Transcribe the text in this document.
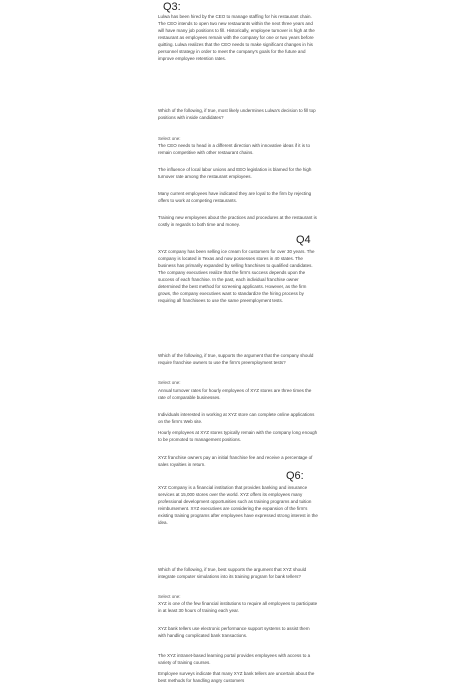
Q3:
Lulwa has been hired by the CEO to manage staffing for his restaurant chain. The CEO intends to open two new restaurants within the next three years and will have many job positions to fill. Historically, employee turnover is high at the restaurant as employees remain with the company for one or two years before quitting. Lulwa realizes that the CEO needs to make significant changes in his personnel strategy in order to meet the company's goals for the future and improve employee retention rates.
Which of the following, if true, most likely undermines Lulwa's decision to fill top positions with inside candidates?
Select one:
The CEO needs to head in a different direction with innovative ideas if it is to remain competitive with other restaurant chains.
The influence of local labor unions and EEO legislation is blamed for the high turnover rate among the restaurant employees.
Many current employees have indicated they are loyal to the firm by rejecting offers to work at competing restaurants.
Training new employees about the practices and procedures at the restaurant is costly in regards to both time and money.
Q4
XYZ company has been selling ice cream for customers for over 30 years. The company is located in Texas and now possesses stores in 40 states. The business has primarily expanded by selling franchises to qualified candidates. The company executives realize that the firm's success depends upon the success of each franchise. In the past, each individual franchise owner determined the best method for screening applicants. However, as the firm grows, the company executives want to standardize the hiring process by requiring all franchisees to use the same preemployment tests.
Which of the following, if true, supports the argument that the company should require franchise owners to use the firm's preemployment tests?
Select one:
Annual turnover rates for hourly employees of XYZ stores are three times the rate of comparable businesses.
Individuals interested in working at XYZ store can complete online applications on the firm's Web site.
Hourly employees at XYZ stores typically remain with the company long enough to be promoted to management positions.
XYZ franchise owners pay an initial franchise fee and receive a percentage of sales royalties in return.
Q6:
XYZ Company is a financial institution that provides banking and insurance services at 15,000 stores over the world. XYZ offers its employees many professional development opportunities such as training programs and tuition reimbursement. XYZ executives are considering the expansion of the firm's existing training programs after employees have expressed strong interest in the idea.
Which of the following, if true, best supports the argument that XYZ should integrate computer simulations into its training program for bank tellers?
Select one:
XYZ is one of the few financial institutions to require all employees to participate in at least 30 hours of training each year.
XYZ bank tellers use electronic performance support systems to assist them with handling complicated bank transactions.
The XYZ intranet-based learning portal provides employees with access to a variety of training courses.
Employee surveys indicate that many XYZ bank tellers are uncertain about the best methods for handling angry customers
